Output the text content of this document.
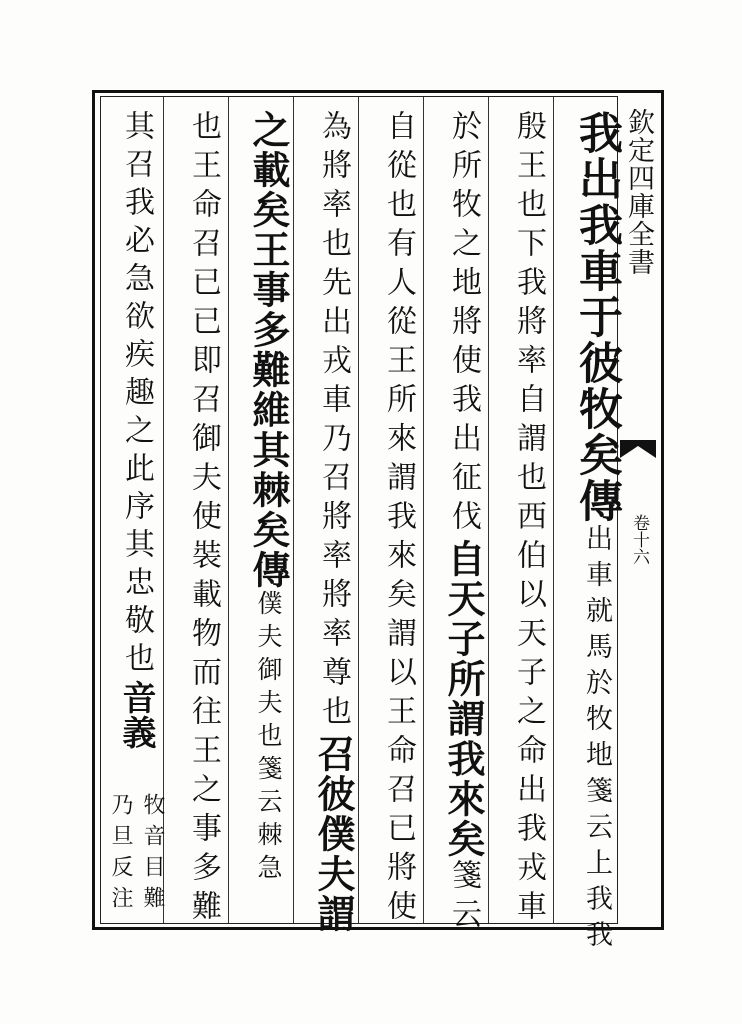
欽定四庫全書
卷十六
我出我車于彼牧矣傳出車就馬於牧地箋云上我我
殷王也下我將率自謂也西伯以天子之命出我戎車
於所牧之地將使我出征伐自天子所謂我來矣箋云
自從也有人從王所來謂我來矣謂以王命召已將使
為將率也先出戎車乃召將率將率尊也召彼僕夫謂
之載矣王事多難維其棘矣傳僕夫御夫也箋云棘急
也王命召已已即召御夫使裝載物而往王之事多難
其召我必急欲疾趣之此序其忠敬也音義
牧音目難
乃旦反注
